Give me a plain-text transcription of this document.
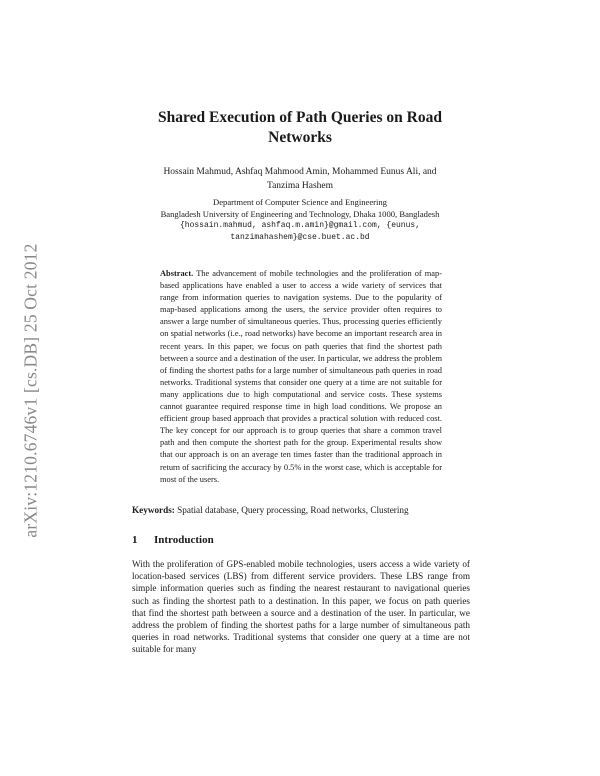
arXiv:1210.6746v1 [cs.DB] 25 Oct 2012
Shared Execution of Path Queries on Road
Networks
Hossain Mahmud, Ashfaq Mahmood Amin, Mohammed Eunus Ali, and
Tanzima Hashem
Department of Computer Science and Engineering
Bangladesh University of Engineering and Technology, Dhaka 1000, Bangladesh
{hossain.mahmud, ashfaq.m.amin}@gmail.com, {eunus,
tanzimahashem}@cse.buet.ac.bd
Abstract. The advancement of mobile technologies and the proliferation of map-based applications have enabled a user to access a wide variety of services that range from information queries to navigation systems. Due to the popularity of map-based applications among the users, the service provider often requires to answer a large number of simultaneous queries. Thus, processing queries efficiently on spatial networks (i.e., road networks) have become an important research area in recent years. In this paper, we focus on path queries that find the shortest path between a source and a destination of the user. In particular, we address the problem of finding the shortest paths for a large number of simultaneous path queries in road networks. Traditional systems that consider one query at a time are not suitable for many applications due to high computational and service costs. These systems cannot guarantee required response time in high load conditions. We propose an efficient group based approach that provides a practical solution with reduced cost. The key concept for our approach is to group queries that share a common travel path and then compute the shortest path for the group. Experimental results show that our approach is on an average ten times faster than the traditional approach in return of sacrificing the accuracy by 0.5% in the worst case, which is acceptable for most of the users.
Keywords: Spatial database, Query processing, Road networks, Clustering
1 Introduction
With the proliferation of GPS-enabled mobile technologies, users access a wide variety of location-based services (LBS) from different service providers. These LBS range from simple information queries such as finding the nearest restaurant to navigational queries such as finding the shortest path to a destination. In this paper, we focus on path queries that find the shortest path between a source and a destination of the user. In particular, we address the problem of finding the shortest paths for a large number of simultaneous path queries in road networks. Traditional systems that consider one query at a time are not suitable for many
